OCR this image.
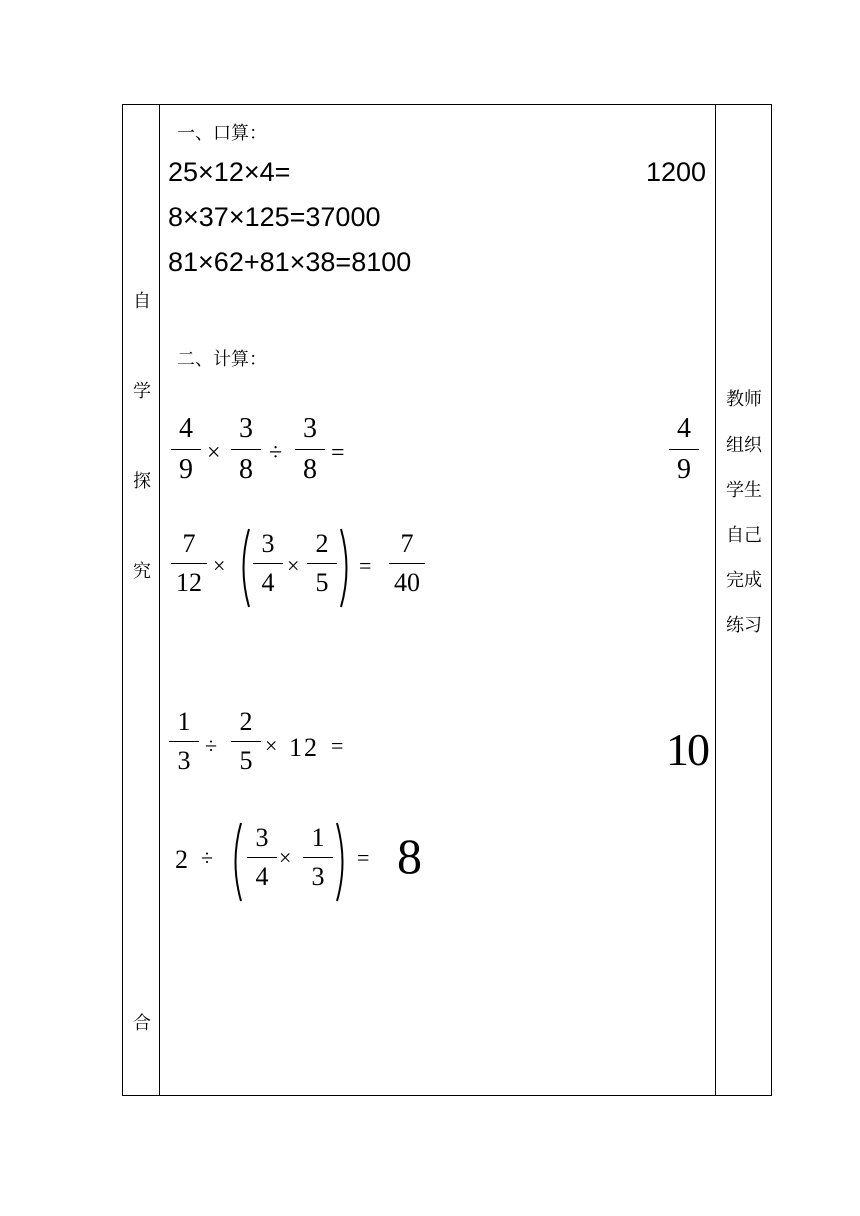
自
学
探
究
合
一、口算：
25×12×4=	1200
8×37×125=37000
81×62+81×38=8100
二、计算：
4
9
×
3
8
÷
3
8
=
4
9
7
12
×
3
4
×
2
5
=
7
40
1
3
÷
2
5
× 12 =	10
2 ÷
3
4
×
1
3
= 8
教师
组织
学生
自己
完成
练习
